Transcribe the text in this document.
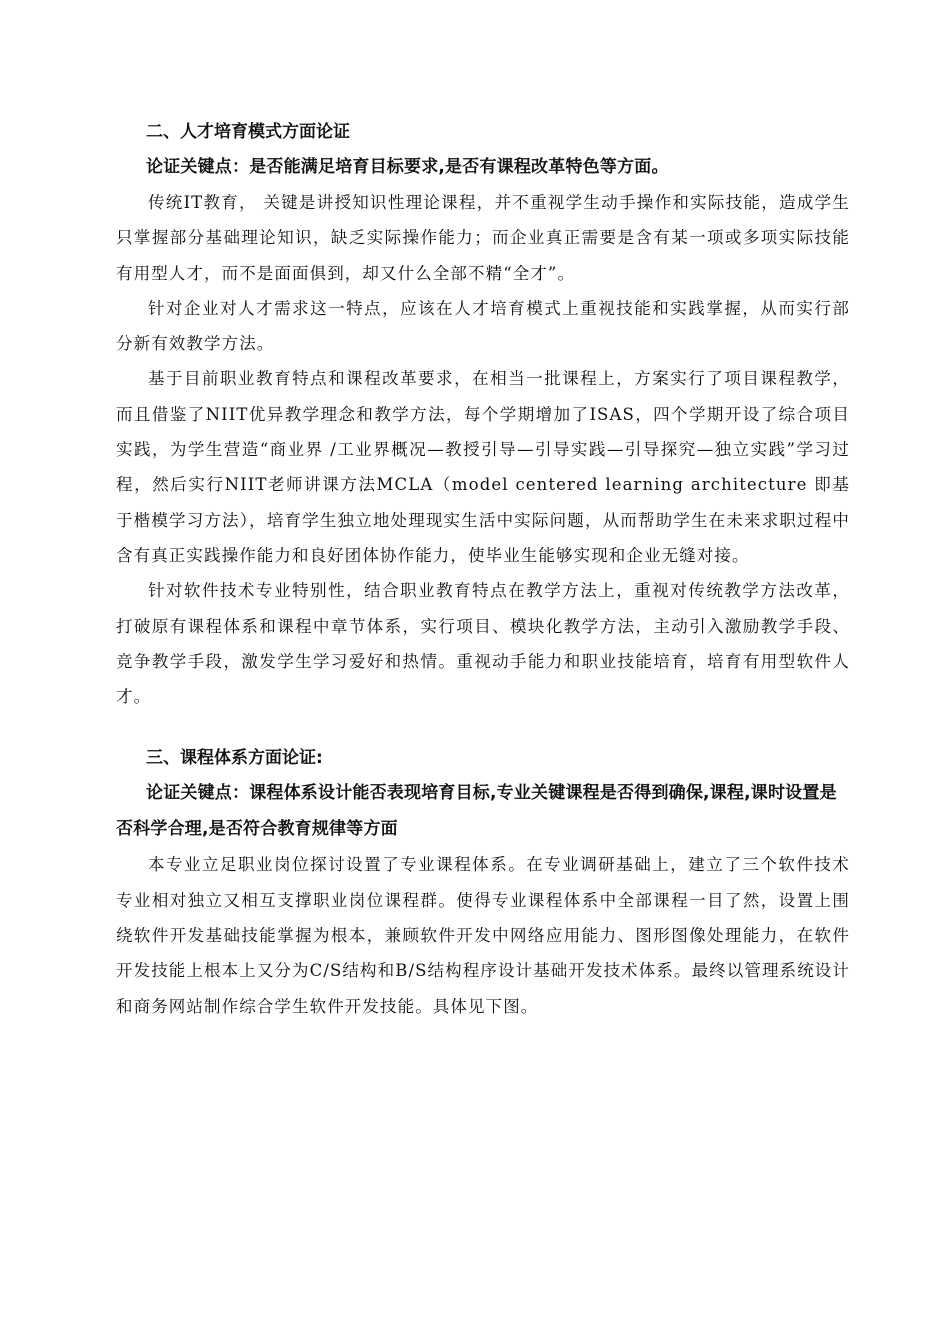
二、人才培育模式方面论证

论证关键点：是否能满足培育目标要求,是否有课程改革特色等方面。

传统IT教育， 关键是讲授知识性理论课程，并不重视学生动手操作和实际技能，造成学生只掌握部分基础理论知识，缺乏实际操作能力；而企业真正需要是含有某一项或多项实际技能有用型人才，而不是面面俱到，却又什么全部不精“全才”。

针对企业对人才需求这一特点，应该在人才培育模式上重视技能和实践掌握，从而实行部分新有效教学方法。

基于目前职业教育特点和课程改革要求，在相当一批课程上，方案实行了项目课程教学，而且借鉴了NIIT优异教学理念和教学方法，每个学期增加了ISAS，四个学期开设了综合项目实践，为学生营造“商业界 /工业界概况—教授引导—引导实践—引导探究—独立实践”学习过程，然后实行NIIT老师讲课方法MCLA（model centered learning architecture 即基于楷模学习方法），培育学生独立地处理现实生活中实际问题，从而帮助学生在未来求职过程中含有真正实践操作能力和良好团体协作能力，使毕业生能够实现和企业无缝对接。

针对软件技术专业特别性，结合职业教育特点在教学方法上，重视对传统教学方法改革，打破原有课程体系和课程中章节体系，实行项目、模块化教学方法，主动引入激励教学手段、竞争教学手段，激发学生学习爱好和热情。重视动手能力和职业技能培育，培育有用型软件人才。

三、课程体系方面论证:

论证关键点：课程体系设计能否表现培育目标,专业关键课程是否得到确保,课程,课时设置是否科学合理,是否符合教育规律等方面

本专业立足职业岗位探讨设置了专业课程体系。在专业调研基础上，建立了三个软件技术专业相对独立又相互支撑职业岗位课程群。使得专业课程体系中全部课程一目了然，设置上围绕软件开发基础技能掌握为根本，兼顾软件开发中网络应用能力、图形图像处理能力，在软件开发技能上根本上又分为C/S结构和B/S结构程序设计基础开发技术体系。最终以管理系统设计和商务网站制作综合学生软件开发技能。具体见下图。
